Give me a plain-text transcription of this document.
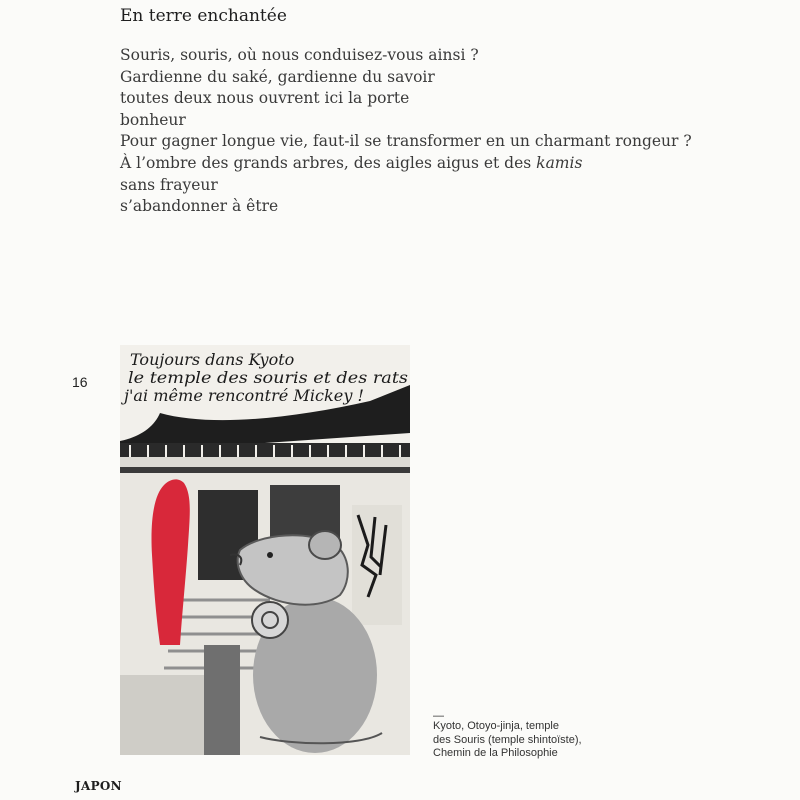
En terre enchantée
Souris, souris, où nous conduisez-vous ainsi ?
Gardienne du saké, gardienne du savoir
toutes deux nous ouvrent ici la porte
bonheur
Pour gagner longue vie, faut-il se transformer en un charmant rongeur ?
À l’ombre des grands arbres, des aigles aigus et des kamis
sans frayeur
s’abandonner à être
16
Toujours dans Kyoto
le temple des souris et des rats
j'ai même rencontré Mickey !
—
Kyoto, Otoyo-jinja, temple
des Souris (temple shintoïste),
Chemin de la Philosophie
JAPON
